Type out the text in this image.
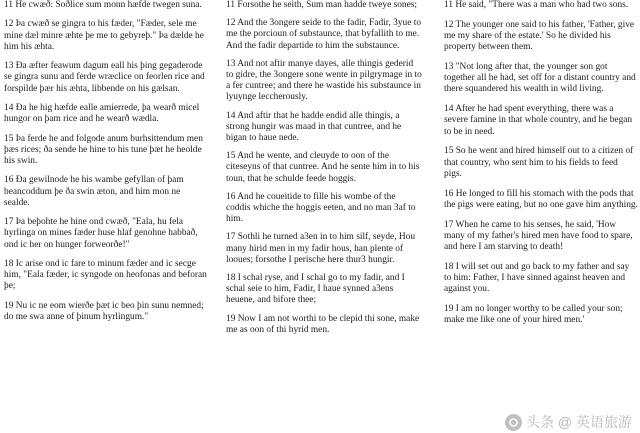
11 He cwæð: Soðlice sum monn hæfde twegen suna.

12 Þa cwæð se gingra to his fæder, "Fæder, sele me mine dæl minre æhte þe me to gebyreþ." Þa dælde he him his æhta.

13 Ða æfter feawum dagum eall his þing gegaderode se gingra sunu and ferde wræclice on feorlen rice and forspilde þær his æhta, libbende on his gælsan.

14 Ða he hig hæfde ealle amierrede, þa wearð micel hungor on þam rice and he wearð wædla.

15 Þa ferde he and folgode anum burhsittendum men þæs rices; ða sende he hine to his tune þæt he heolde his swin.

16 Ða gewilnode he his wambe gefyllan of þam beancoddum þe ða swin æton, and him mon ne sealde.

17 Þa beþohte he hine ond cwæð, "Eala, hu fela hyrlinga on mines fæder huse hlaf genohne habbað, ond ic her on hunger forweorðe!"

18 Ic arise ond ic fare to minum fæder and ic secge him, "Eala fæder, ic syngode on heofonas and beforan þe;

19 Nu ic ne eom wierðe þæt ic beo þin sunu nemned; do me swa anne of þinum hyrlingum."

11 Forsothe he seith, Sum man hadde tweye sones;

12 And the 3ongere seide to the fadir, Fadir, 3yue to me the porcioun of substaunce, that byfallith to me. And the fadir departide to him the substaunce.

13 And not aftir manye dayes, alle thingis gederid to gidre, the 3ongere sone wente in pilgrymage in to a fer cuntree; and there he wastide his substaunce in lyuynge leccherously.

14 And aftir that he hadde endid alle thingis, a strong hungir was maad in that cuntree, and he bigan to haue nede.

15 And he wente, and cleuyde to oon of the citeseyns of that cuntree. And he sente him in to his toun, that he schulde feede hoggis.

16 And he coueitide to fille his wombe of the coddis whiche the hoggis eeten, and no man 3af to him.

17 Sothli he turned a3en in to him silf, seyde, Hou many hirid men in my fadir hous, han plente of looues; forsothe I perische here thur3 hungir.

18 I schal ryse, and I schal go to my fadir, and I schal seie to him, Fadir, I haue synned a3ens heuene, and bifore thee;

19 Now I am not worthi to be clepid thi sone, make me as oon of thi hyrid men.

11 He said, "There was a man who had two sons.

12 The younger one said to his father, 'Father, give me my share of the estate.' So he divided his property between them.

13 "Not long after that, the younger son got together all he had, set off for a distant country and there squandered his wealth in wild living.

14 After he had spent everything, there was a severe famine in that whole country, and he began to be in need.

15 So he went and hired himself out to a citizen of that country, who sent him to his fields to feed pigs.

16 He longed to fill his stomach with the pods that the pigs were eating, but no one gave him anything.

17 When he came to his senses, he said, 'How many of my father's hired men have food to spare, and here I am starving to death!

18 I will set out and go back to my father and say to him: Father, I have sinned against heaven and against you.

19 I am no longer worthy to be called your son; make me like one of your hired men.'

头条 @ 英语旅游
